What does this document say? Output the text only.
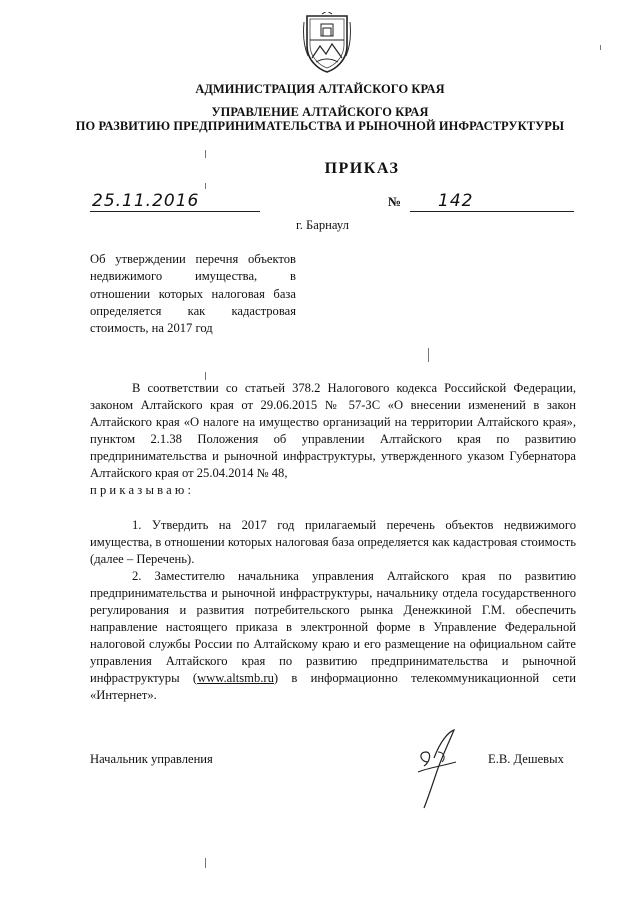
АДМИНИСТРАЦИЯ АЛТАЙСКОГО КРАЯ
УПРАВЛЕНИЕ АЛТАЙСКОГО КРАЯ
ПО РАЗВИТИЮ ПРЕДПРИНИМАТЕЛЬСТВА И РЫНОЧНОЙ ИНФРАСТРУКТУРЫ
ПРИКАЗ
25.11.2016	№ 142
г. Барнаул
Об утверждении перечня объектов недвижимого имущества, в отношении которых налоговая база определяется как кадастровая стоимость, на 2017 год
В соответствии со статьей 378.2 Налогового кодекса Российской Федерации, законом Алтайского края от 29.06.2015 № 57-ЗС «О внесении изменений в закон Алтайского края «О налоге на имущество организаций на территории Алтайского края», пунктом 2.1.38 Положения об управлении Алтайского края по развитию предпринимательства и рыночной инфраструктуры, утвержденного указом Губернатора Алтайского края от 25.04.2014 № 48,
приказываю:
1. Утвердить на 2017 год прилагаемый перечень объектов недвижимого имущества, в отношении которых налоговая база определяется как кадастровая стоимость (далее – Перечень).
2. Заместителю начальника управления Алтайского края по развитию предпринимательства и рыночной инфраструктуры, начальнику отдела государственного регулирования и развития потребительского рынка Денежкиной Г.М. обеспечить направление настоящего приказа в электронной форме в Управление Федеральной налоговой службы России по Алтайскому краю и его размещение на официальном сайте управления Алтайского края по развитию предпринимательства и рыночной инфраструктуры (www.altsmb.ru) в информационно телекоммуникационной сети «Интернет».
Начальник управления	Е.В. Дешевых
